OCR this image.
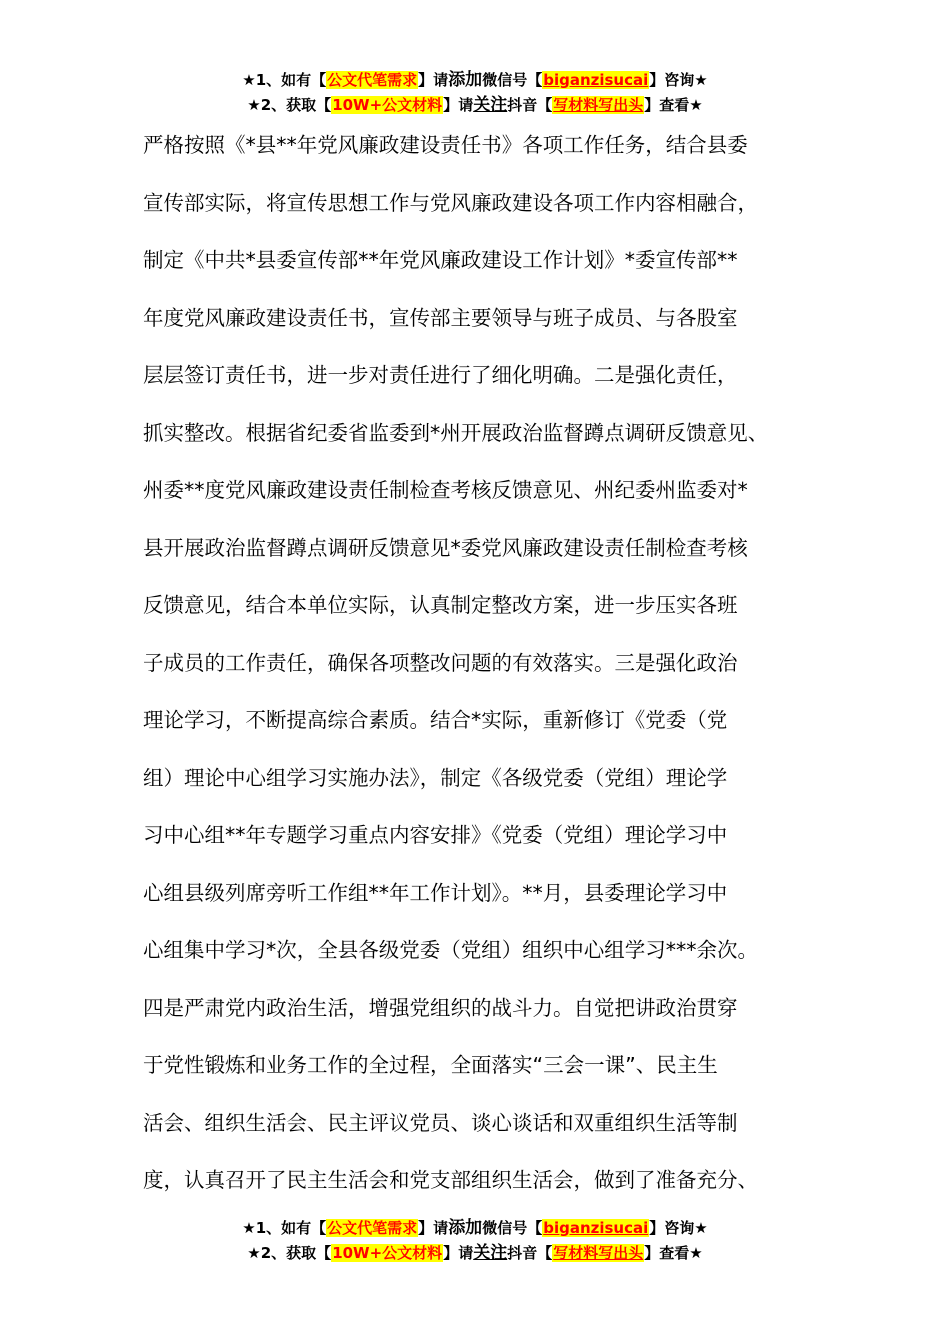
★1、如有【公文代笔需求】请添加微信号【biganzisucai】咨询★
★2、获取【10W+公文材料】请关注抖音【写材料写出头】查看★
严格按照《*县**年党风廉政建设责任书》各项工作任务，结合县委
宣传部实际，将宣传思想工作与党风廉政建设各项工作内容相融合，
制定《中共*县委宣传部**年党风廉政建设工作计划》*委宣传部**
年度党风廉政建设责任书，宣传部主要领导与班子成员、与各股室
层层签订责任书，进一步对责任进行了细化明确。二是强化责任，
抓实整改。根据省纪委省监委到*州开展政治监督蹲点调研反馈意见、
州委**度党风廉政建设责任制检查考核反馈意见、州纪委州监委对*
县开展政治监督蹲点调研反馈意见*委党风廉政建设责任制检查考核
反馈意见，结合本单位实际，认真制定整改方案，进一步压实各班
子成员的工作责任，确保各项整改问题的有效落实。三是强化政治
理论学习，不断提高综合素质。结合*实际，重新修订《党委（党
组）理论中心组学习实施办法》，制定《各级党委（党组）理论学
习中心组**年专题学习重点内容安排》《党委（党组）理论学习中
心组县级列席旁听工作组**年工作计划》。**月，县委理论学习中
心组集中学习*次，全县各级党委（党组）组织中心组学习***余次。
四是严肃党内政治生活，增强党组织的战斗力。自觉把讲政治贯穿
于党性锻炼和业务工作的全过程，全面落实“三会一课”、民主生
活会、组织生活会、民主评议党员、谈心谈话和双重组织生活等制
度，认真召开了民主生活会和党支部组织生活会，做到了准备充分、
★1、如有【公文代笔需求】请添加微信号【biganzisucai】咨询★
★2、获取【10W+公文材料】请关注抖音【写材料写出头】查看★
